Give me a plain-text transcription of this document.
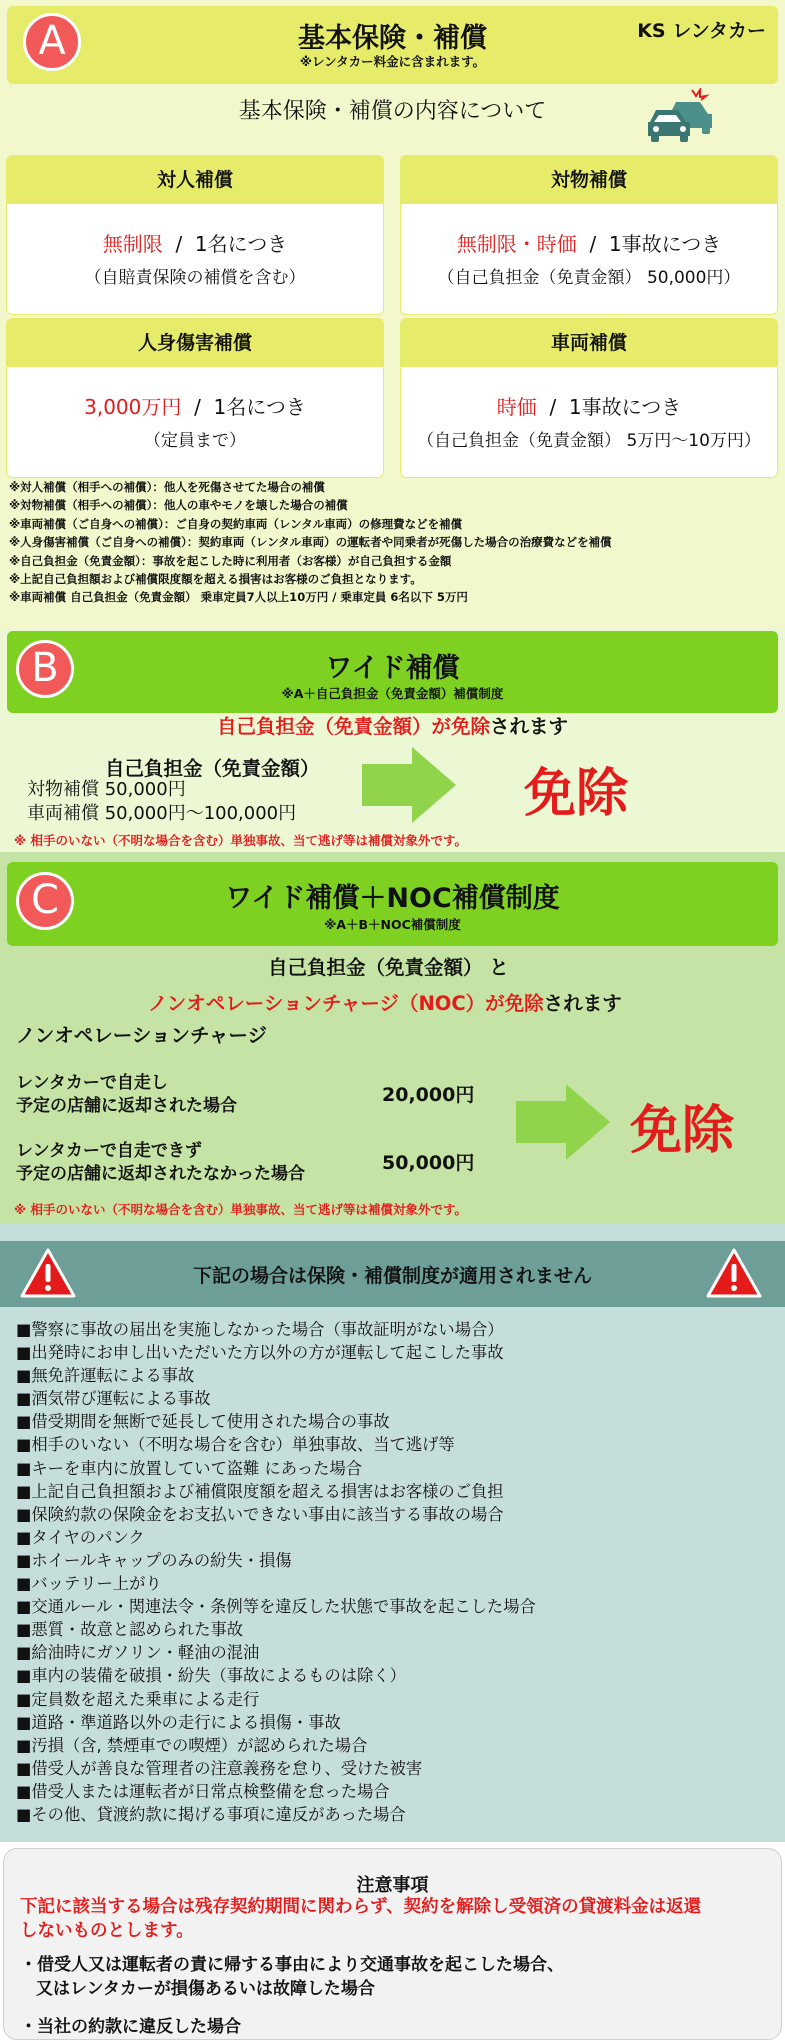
基本保険・補償
※レンタカー料金に含まれます。
KS レンタカー
A
基本保険・補償の内容について
対人補償
無制限  /  1名につき
（自賠責保険の補償を含む）
対物補償
無制限・時価  /  1事故につき
（自己負担金（免責金額） 50,000円）
人身傷害補償
3,000万円  /  1名につき
（定員まで）
車両補償
時価  /  1事故につき
（自己負担金（免責金額） 5万円～10万円）
※対人補償（相手への補償）：他人を死傷させてた場合の補償
※対物補償（相手への補償）：他人の車やモノを壊した場合の補償
※車両補償（ご自身への補償）：ご自身の契約車両（レンタル車両）の修理費などを補償
※人身傷害補償（ご自身への補償）：契約車両（レンタル車両）の運転者や同乗者が死傷した場合の治療費などを補償
※自己負担金（免責金額）：事故を起こした時に利用者（お客様）が自己負担する金額
※上記自己負担額および補償限度額を超える損害はお客様のご負担となります。
※車両補償 自己負担金（免責金額） 乗車定員7人以上10万円 / 乗車定員 6名以下 5万円
ワイド補償
※A＋自己負担金（免責金額）補償制度
B
自己負担金（免責金額）が免除されます
自己負担金（免責金額）
対物補償 50,000円
車両補償 50,000円～100,000円	免除
※ 相手のいない（不明な場合を含む）単独事故、当て逃げ等は補償対象外です。
ワイド補償＋NOC補償制度
※A＋B＋NOC補償制度
C
自己負担金（免責金額） と
ノンオペレーションチャージ（NOC）が免除されます
ノンオペレーションチャージ
レンタカーで自走し
予定の店舗に返却された場合	20,000円
レンタカーで自走できず
予定の店舗に返却されたなかった場合	50,000円
免除
※ 相手のいない（不明な場合を含む）単独事故、当て逃げ等は補償対象外です。
下記の場合は保険・補償制度が適用されません
■警察に事故の届出を実施しなかった場合（事故証明がない場合）
■出発時にお申し出いただいた方以外の方が運転して起こした事故
■無免許運転による事故
■酒気帯び運転による事故
■借受期間を無断で延長して使用された場合の事故
■相手のいない（不明な場合を含む）単独事故、当て逃げ等
■キーを車内に放置していて盗難 にあった場合
■上記自己負担額および補償限度額を超える損害はお客様のご負担
■保険約款の保険金をお支払いできない事由に該当する事故の場合
■タイヤのパンク
■ホイールキャップのみの紛失・損傷
■バッテリー上がり
■交通ルール・関連法令・条例等を違反した状態で事故を起こした場合
■悪質・故意と認められた事故
■給油時にガソリン・軽油の混油
■車内の装備を破損・紛失（事故によるものは除く）
■定員数を超えた乗車による走行
■道路・準道路以外の走行による損傷・事故
■汚損（含, 禁煙車での喫煙）が認められた場合
■借受人が善良な管理者の注意義務を怠り、受けた被害
■借受人または運転者が日常点検整備を怠った場合
■その他、貸渡約款に掲げる事項に違反があった場合
注意事項
下記に該当する場合は残存契約期間に関わらず、契約を解除し受領済の貸渡料金は返還
しないものとします。
・借受人又は運転者の責に帰する事由により交通事故を起こした場合、
又はレンタカーが損傷あるいは故障した場合
・当社の約款に違反した場合
